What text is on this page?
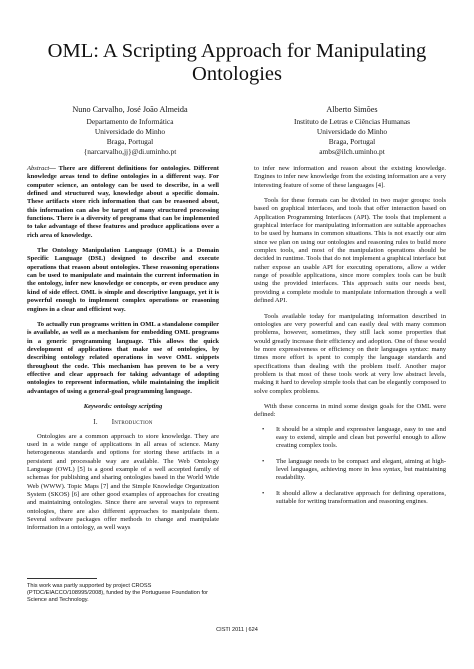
OML: A Scripting Approach for Manipulating
Ontologies
Nuno Carvalho, José João Almeida
Departamento de Informática
Universidade do Minho
Braga, Portugal
{narcarvalho,jj}@di.uminho.pt
Alberto Simões
Instituto de Letras e Ciências Humanas
Universidade do Minho
Braga, Portugal
ambs@ilch.uminho.pt

Abstract— There are different definitions for ontologies. Different knowledge areas tend to define ontologies in a different way. For computer science, an ontology can be used to describe, in a well defined and structured way, knowledge about a specific domain. These artifacts store rich information that can be reasoned about, this information can also be target of many structured processing functions. There is a diversity of programs that can be implemented to take advantage of these features and produce applications over a rich area of knowledge.

The Ontology Manipulation Language (OML) is a Domain Specific Language (DSL) designed to describe and execute operations that reason about ontologies. These reasoning operations can be used to manipulate and maintain the current information in the ontology, infer new knowledge or concepts, or even produce any kind of side effect. OML is simple and descriptive language, yet it is powerful enough to implement complex operations or reasoning engines in a clear and efficient way.

To actually run programs written in OML a standalone compiler is available, as well as a mechanism for embedding OML programs in a generic programming language. This allows the quick development of applications that make use of ontologies, by describing ontology related operations in wove OML snippets throughout the code. This mechanism has proven to be a very effective and clear approach for taking advantage of adopting ontologies to represent information, while maintaining the implicit advantages of using a general-goal programming language.

Keywords: ontology scripting
I. Introduction

Ontologies are a common approach to store knowledge. They are used in a wide range of applications in all areas of science. Many heterogeneous standards and options for storing these artifacts in a persistent and processable way are available. The Web Ontology Language (OWL) [5] is a good example of a well accepted family of schemas for publishing and sharing ontologies based in the World Wide Web (WWW). Topic Maps [7] and the Simple Knowledge Organization System (SKOS) [6] are other good examples of approaches for creating and maintaining ontologies. Since there are several ways to represent ontologies, there are also different approaches to manipulate them. Several software packages offer methods to change and manipulate information in a ontology, as well ways

to infer new information and reason about the existing knowledge. Engines to infer new knowledge from the existing information are a very interesting feature of some of these languages [4].

Tools for these formats can be divided in two major groups: tools based on graphical interfaces, and tools that offer interaction based on Application Programming Interfaces (API). The tools that implement a graphical interface for manipulating information are suitable approaches to be used by humans in common situations. This is not exactly our aim since we plan on using our ontologies and reasoning rules to build more complex tools, and most of the manipulation operations should be decided in runtime. Tools that do not implement a graphical interface but rather expose an usable API for executing operations, allow a wider range of possible applications, since more complex tools can be built using the provided interfaces. This approach suits our needs best, providing a complete module to manipulate information through a well defined API.

Tools available today for manipulating information described in ontologies are very powerful and can easily deal with many common problems, however, sometimes, they still lack some properties that would greatly increase their efficiency and adoption. One of these would be more expressiveness or efficiency on their languages syntax: many times more effort is spent to comply the language standards and specifications than dealing with the problem itself. Another major problem is that most of these tools work at very low abstract levels, making it hard to develop simple tools that can be elegantly composed to solve complex problems.

With these concerns in mind some design goals for the OML were defined:

• It should be a simple and expressive language, easy to use and easy to extend, simple and clean but powerful enough to allow creating complex tools.
• The language needs to be compact and elegant, aiming at high-level languages, achieving more in less syntax, but maintaining readability.
• It should allow a declarative approach for defining operations, suitable for writing transformation and reasoning engines.
This work was partly supported by project CROSS (PTDC/EIACCO/108995/2008), funded by the Portuguese Foundation for Science and Technology.
CISTI 2011 | 624
